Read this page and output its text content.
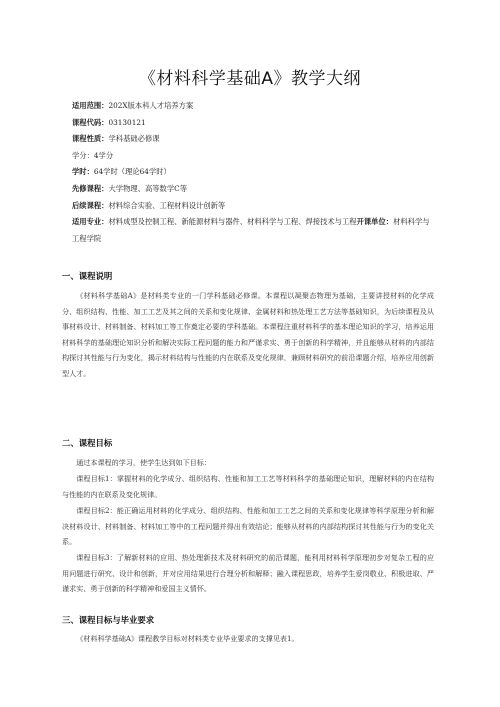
《材料科学基础A》教学大纲
适用范围：202X版本科人才培养方案
课程代码：03130121
课程性质：学科基础必修课
学分：4学分
学时：64学时（理论64学时）
先修课程：大学物理、高等数学C等
后续课程：材料综合实验、工程材料设计创新等
适用专业：材料成型及控制工程、新能源材料与器件、材料科学与工程、焊接技术与工程开课单位：材料科学与工程学院
一、课程说明
《材料科学基础A》是材料类专业的一门学科基础必修课。本课程以凝聚态物理为基础，主要讲授材料的化学成分、组织结构、性能、加工工艺及其之间的关系和变化规律、金属材料和热处理工艺方法等基础知识，为后续课程及从事材料设计、材料制备、材料加工等工作奠定必要的学科基础。本课程注重材料科学的基本理论知识的学习，培养运用材料科学的基础理论知识分析和解决实际工程问题的能力和严谨求实、勇于创新的科学精神，并且能够从材料的内部结构探讨其性能与行为变化，揭示材料结构与性能的内在联系及变化规律，兼顾材料研究的前沿课题介绍，培养应用创新型人才。
二、课程目标
通过本课程的学习，使学生达到如下目标：
课程目标1：掌握材料的化学成分、组织结构、性能和加工工艺等材料科学的基础理论知识，理解材料的内在结构与性能的内在联系及变化规律。
课程目标2：能正确运用材料的化学成分、组织结构、性能和加工工艺之间的关系和变化规律等科学原理分析和解决材料设计、材料制备、材料加工等中的工程问题并得出有效结论；能够从材料的内部结构探讨其性能与行为的变化关系。
课程目标3：了解新材料的应用、热处理新技术及材料研究的前沿课题，能利用材料科学原理初步对复杂工程的应用问题进行研究、设计和创新，并对应用结果进行合理分析和解释；融入课程思政，培养学生爱岗敬业、积极进取、严谨求实、勇于创新的科学精神和爱国主义情怀。
三、课程目标与毕业要求
《材料科学基础A》课程教学目标对材料类专业毕业要求的支撑见表1。
